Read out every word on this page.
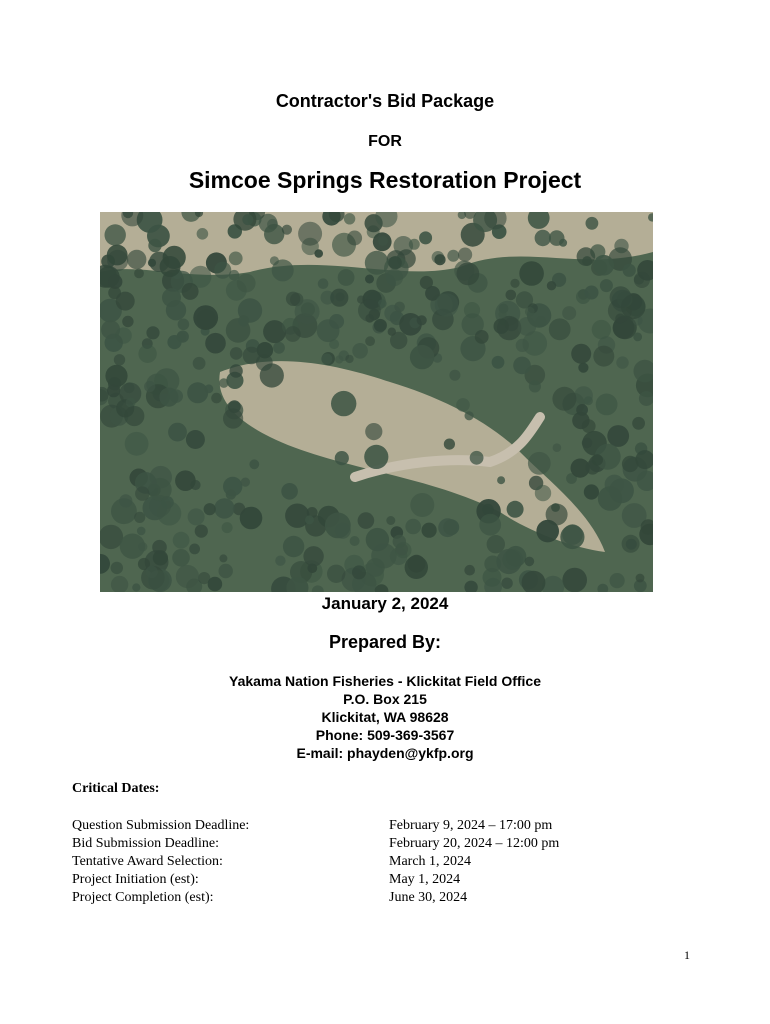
Contractor's Bid Package
FOR
Simcoe Springs Restoration Project
January 2, 2024
Prepared By:
Yakama Nation Fisheries - Klickitat Field Office
P.O. Box 215
Klickitat, WA 98628
Phone: 509-369-3567
E-mail: phayden@ykfp.org
Critical Dates:
Question Submission Deadline:	February 9, 2024 – 17:00 pm
Bid Submission Deadline:	February 20, 2024 – 12:00 pm
Tentative Award Selection:	March 1, 2024
Project Initiation (est):	May 1, 2024
Project Completion (est):	June 30, 2024
1
